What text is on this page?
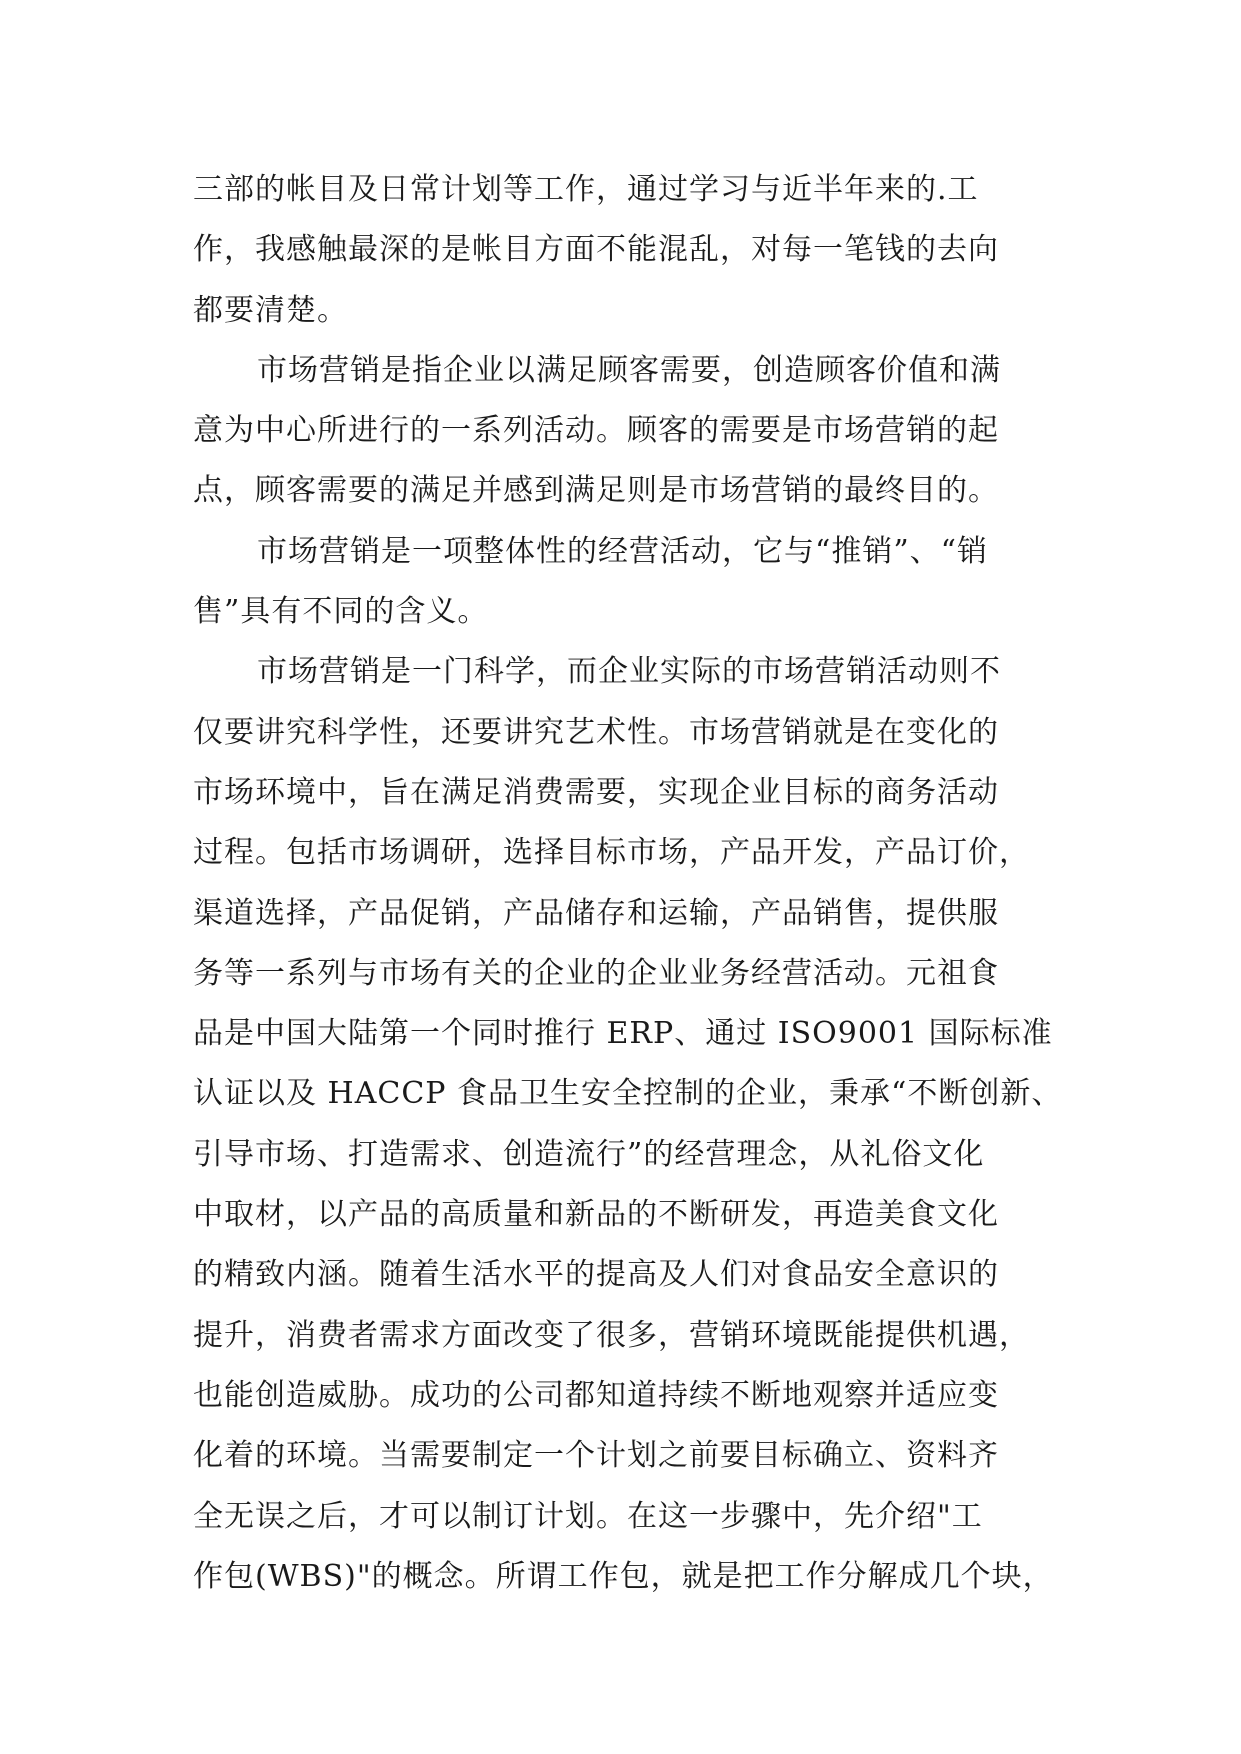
三部的帐目及日常计划等工作，通过学习与近半年来的.工
作，我感触最深的是帐目方面不能混乱，对每一笔钱的去向
都要清楚。
市场营销是指企业以满足顾客需要，创造顾客价值和满
意为中心所进行的一系列活动。顾客的需要是市场营销的起
点，顾客需要的满足并感到满足则是市场营销的最终目的。
市场营销是一项整体性的经营活动，它与“推销”、“销
售”具有不同的含义。
市场营销是一门科学，而企业实际的市场营销活动则不
仅要讲究科学性，还要讲究艺术性。市场营销就是在变化的
市场环境中，旨在满足消费需要，实现企业目标的商务活动
过程。包括市场调研，选择目标市场，产品开发，产品订价，
渠道选择，产品促销，产品储存和运输，产品销售，提供服
务等一系列与市场有关的企业的企业业务经营活动。元祖食
品是中国大陆第一个同时推行 ERP、通过 ISO9001 国际标准
认证以及 HACCP 食品卫生安全控制的企业，秉承“不断创新、
引导市场、打造需求、创造流行”的经营理念，从礼俗文化
中取材，以产品的高质量和新品的不断研发，再造美食文化
的精致内涵。随着生活水平的提高及人们对食品安全意识的
提升，消费者需求方面改变了很多，营销环境既能提供机遇，
也能创造威胁。成功的公司都知道持续不断地观察并适应变
化着的环境。当需要制定一个计划之前要目标确立、资料齐
全无误之后，才可以制订计划。在这一步骤中，先介绍"工
作包(WBS)"的概念。所谓工作包，就是把工作分解成几个块，
